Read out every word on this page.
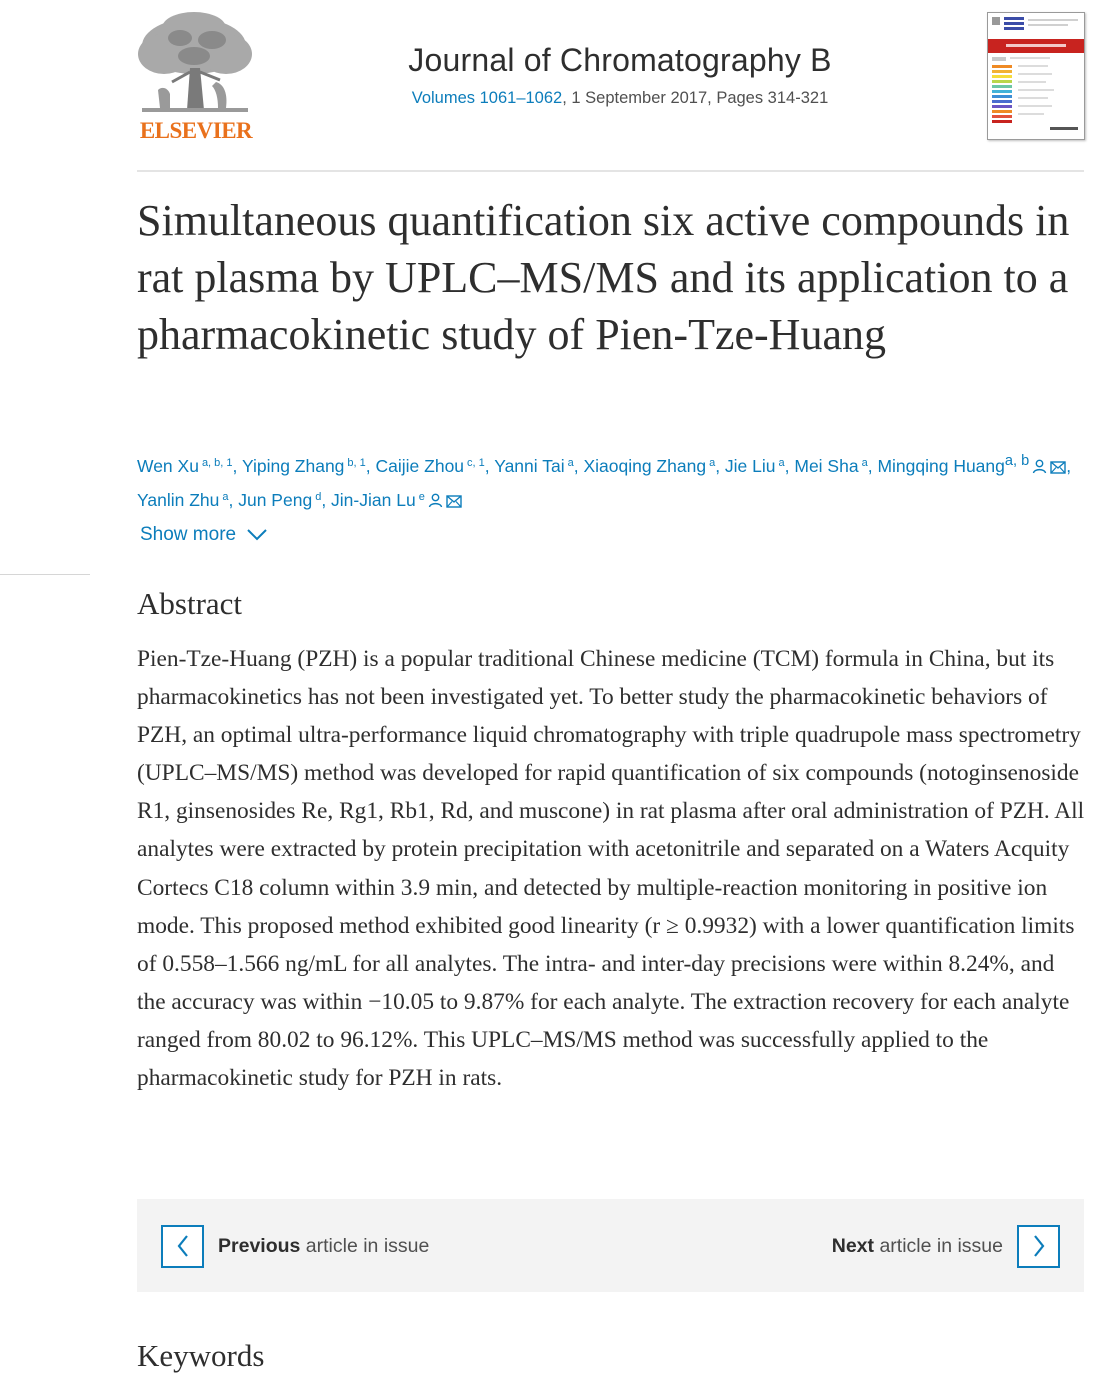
ELSEVIER
Journal of Chromatography B
Volumes 1061–1062, 1 September 2017, Pages 314-321
Simultaneous quantification six active compounds in rat plasma by UPLC–MS/MS and its application to a pharmacokinetic study of Pien-Tze-Huang
Wen Xu $^{a, b, 1}$, Yiping Zhang $^{b, 1}$, Caijie Zhou $^{c, 1}$, Yanni Tai $^a$, Xiaoqing Zhang $^a$, Jie Liu $^a$, Mei Sha $^a$, Mingqing Huang$^{a, b}$ , Yanlin Zhu $^a$, Jun Peng $^d$, Jin-Jian Lu $^e$
Show more
Abstract

Pien-Tze-Huang (PZH) is a popular traditional Chinese medicine (TCM) formula in China, but its pharmacokinetics has not been investigated yet. To better study the pharmacokinetic behaviors of PZH, an optimal ultra-performance liquid chromatography with triple quadrupole mass spectrometry (UPLC–MS/MS) method was developed for rapid quantification of six compounds (notoginsenoside R1, ginsenosides Re, Rg1, Rb1, Rd, and muscone) in rat plasma after oral administration of PZH. All analytes were extracted by protein precipitation with acetonitrile and separated on a Waters Acquity Cortecs C18 column within 3.9 min, and detected by multiple-reaction monitoring in positive ion mode. This proposed method exhibited good linearity (r ≥ 0.9932) with a lower quantification limits of 0.558–1.566 ng/mL for all analytes. The intra- and inter-day precisions were within 8.24%, and the accuracy was within −10.05 to 9.87% for each analyte. The extraction recovery for each analyte ranged from 80.02 to 96.12%. This UPLC–MS/MS method was successfully applied to the pharmacokinetic study for PZH in rats.

Previous article in issue	Next article in issue
Keywords
